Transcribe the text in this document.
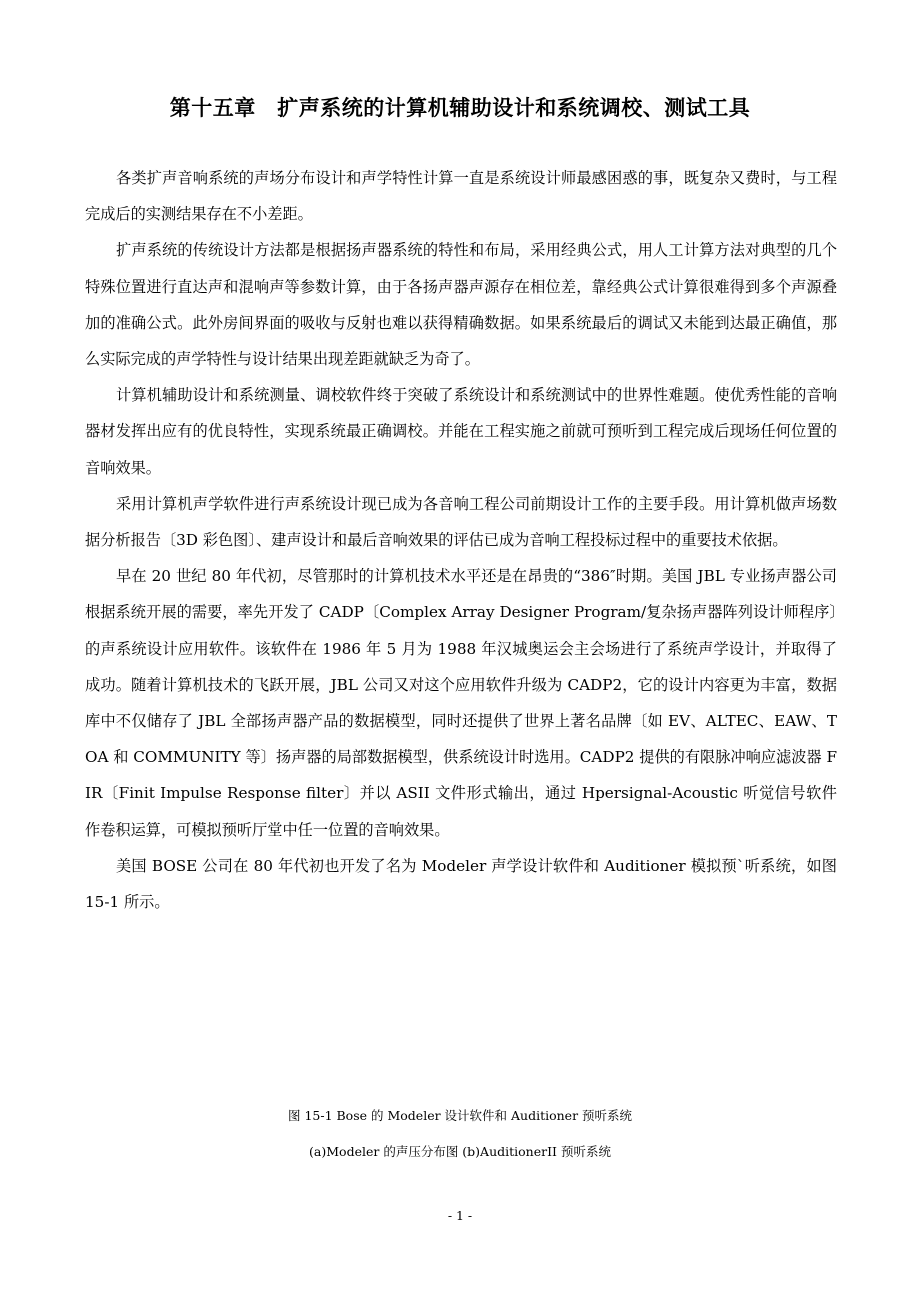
第十五章　扩声系统的计算机辅助设计和系统调校、测试工具

各类扩声音响系统的声场分布设计和声学特性计算一直是系统设计师最感困惑的事，既复杂又费时，与工程完成后的实测结果存在不小差距。

扩声系统的传统设计方法都是根据扬声器系统的特性和布局，采用经典公式，用人工计算方法对典型的几个特殊位置进行直达声和混响声等参数计算，由于各扬声器声源存在相位差，靠经典公式计算很难得到多个声源叠加的准确公式。此外房间界面的吸收与反射也难以获得精确数据。如果系统最后的调试又未能到达最正确值，那么实际完成的声学特性与设计结果出现差距就缺乏为奇了。

计算机辅助设计和系统测量、调校软件终于突破了系统设计和系统测试中的世界性难题。使优秀性能的音响器材发挥出应有的优良特性，实现系统最正确调校。并能在工程实施之前就可预听到工程完成后现场任何位置的音响效果。

采用计算机声学软件进行声系统设计现已成为各音响工程公司前期设计工作的主要手段。用计算机做声场数据分析报告〔3D 彩色图〕、建声设计和最后音响效果的评估已成为音响工程投标过程中的重要技术依据。

早在 20 世纪 80 年代初，尽管那时的计算机技术水平还是在昂贵的“386″时期。美国 JBL 专业扬声器公司根据系统开展的需要，率先开发了 CADP〔Complex Array Designer Program/复杂扬声器阵列设计师程序〕的声系统设计应用软件。该软件在 1986 年 5 月为 1988 年汉城奥运会主会场进行了系统声学设计，并取得了成功。随着计算机技术的飞跃开展，JBL 公司又对这个应用软件升级为 CADP2，它的设计内容更为丰富，数据库中不仅储存了 JBL 全部扬声器产品的数据模型，同时还提供了世界上著名品牌〔如 EV、ALTEC、EAW、TOA 和 COMMUNITY 等〕扬声器的局部数据模型，供系统设计时选用。CADP2 提供的有限脉冲响应滤波器 FIR〔Finit Impulse Response filter〕并以 ASII 文件形式输出，通过 Hpersignal-Acoustic 听觉信号软件作卷积运算，可模拟预听厅堂中任一位置的音响效果。

美国 BOSE 公司在 80 年代初也开发了名为 Modeler 声学设计软件和 Auditioner 模拟预`听系统，如图 15-1 所示。

图 15-1 Bose 的 Modeler 设计软件和 Auditioner 预听系统

(a)Modeler 的声压分布图 (b)AuditionerII 预听系统

- 1 -
